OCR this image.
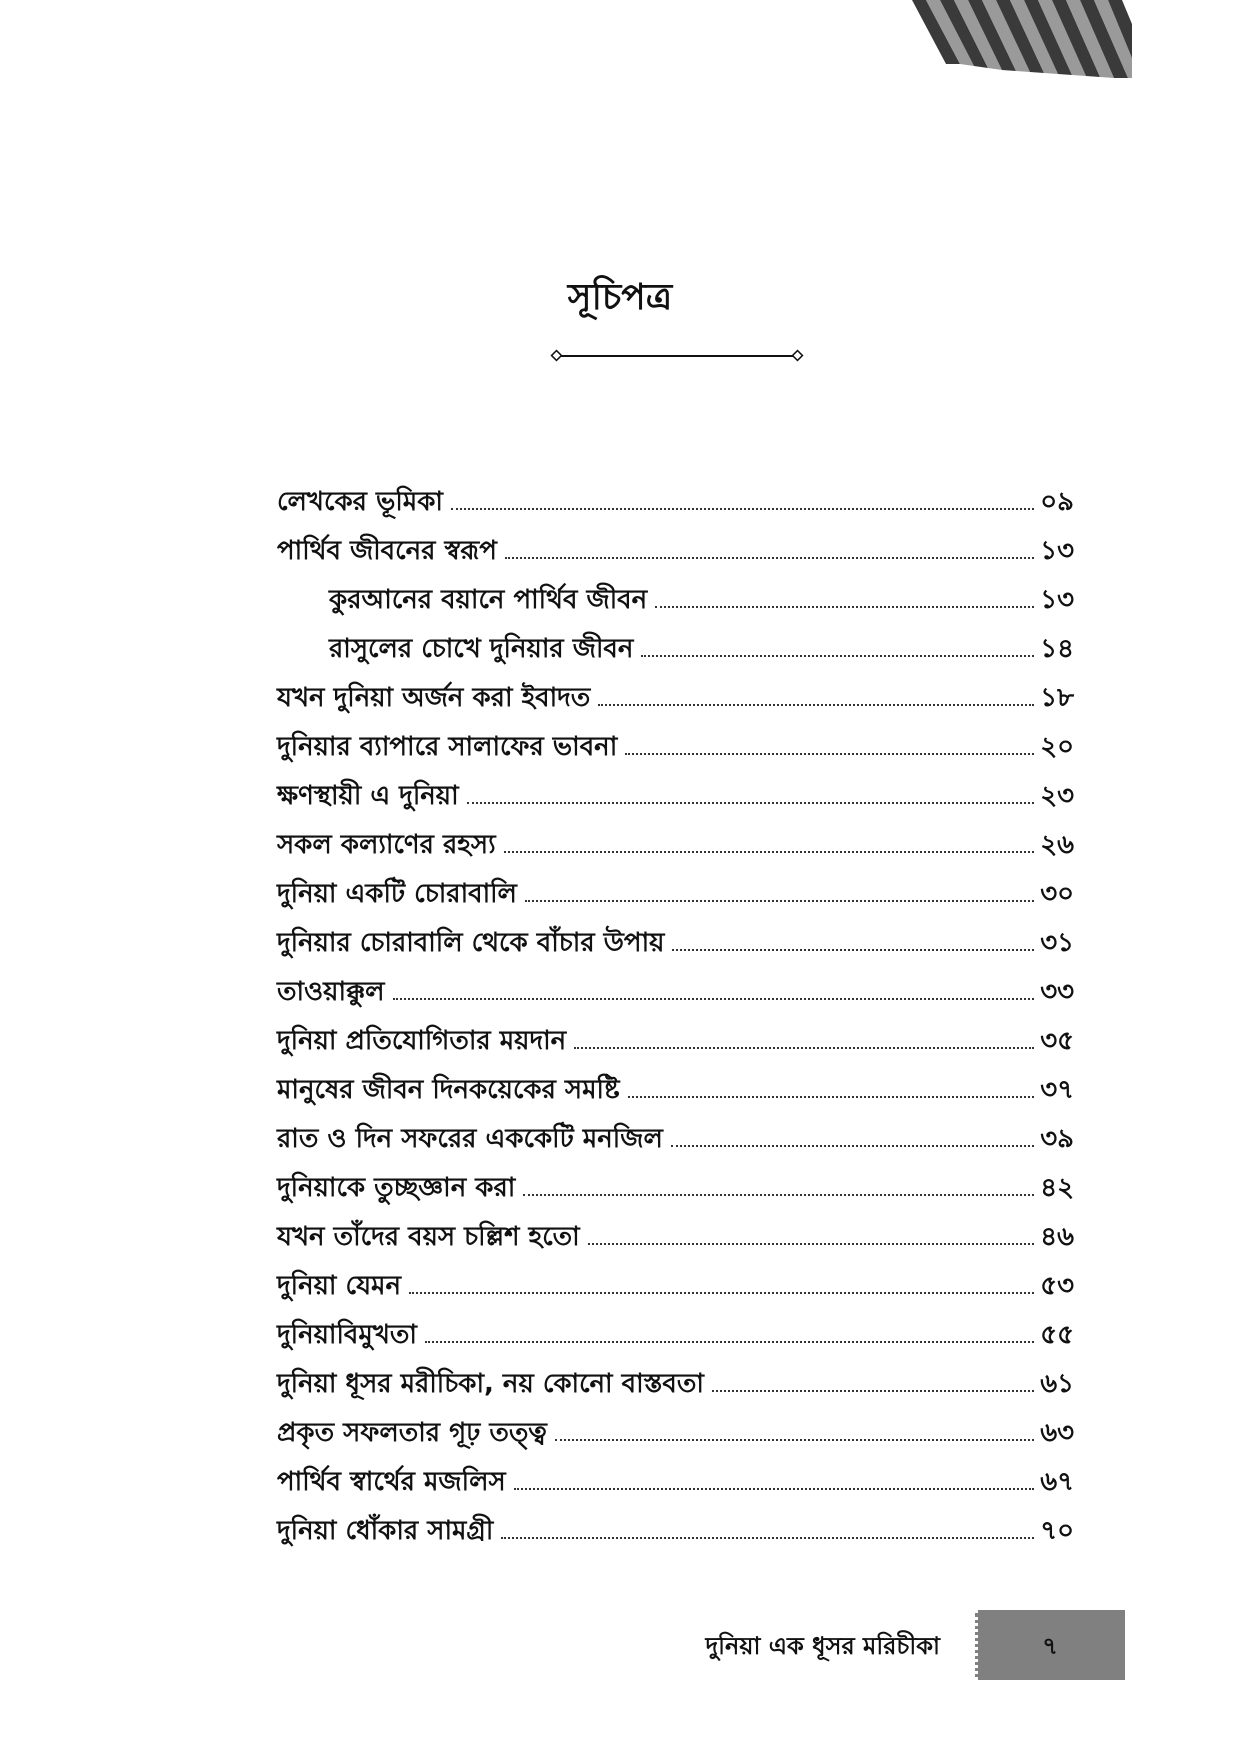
সূচিপত্র
লেখকের ভূমিকা	০৯
পার্থিব জীবনের স্বরূপ	১৩
কুরআনের বয়ানে পার্থিব জীবন	১৩
রাসুলের চোখে দুনিয়ার জীবন	১৪
যখন দুনিয়া অর্জন করা ইবাদত	১৮
দুনিয়ার ব্যাপারে সালাফের ভাবনা	২০
ক্ষণস্থায়ী এ দুনিয়া	২৩
সকল কল্যাণের রহস্য	২৬
দুনিয়া একটি চোরাবালি	৩০
দুনিয়ার চোরাবালি থেকে বাঁচার উপায়	৩১
তাওয়াক্কুল	৩৩
দুনিয়া প্রতিযোগিতার ময়দান	৩৫
মানুষের জীবন দিনকয়েকের সমষ্টি	৩৭
রাত ও দিন সফরের এককেটি মনজিল	৩৯
দুনিয়াকে তুচ্ছজ্ঞান করা	৪২
যখন তাঁদের বয়স চল্লিশ হতো	৪৬
দুনিয়া যেমন	৫৩
দুনিয়াবিমুখতা	৫৫
দুনিয়া ধূসর মরীচিকা, নয় কোনো বাস্তবতা	৬১
প্রকৃত সফলতার গূঢ় তত্ত্ব	৬৩
পার্থিব স্বার্থের মজলিস	৬৭
দুনিয়া ধোঁকার সামগ্রী	৭০
দুনিয়া এক ধূসর মরিচীকা	৭
